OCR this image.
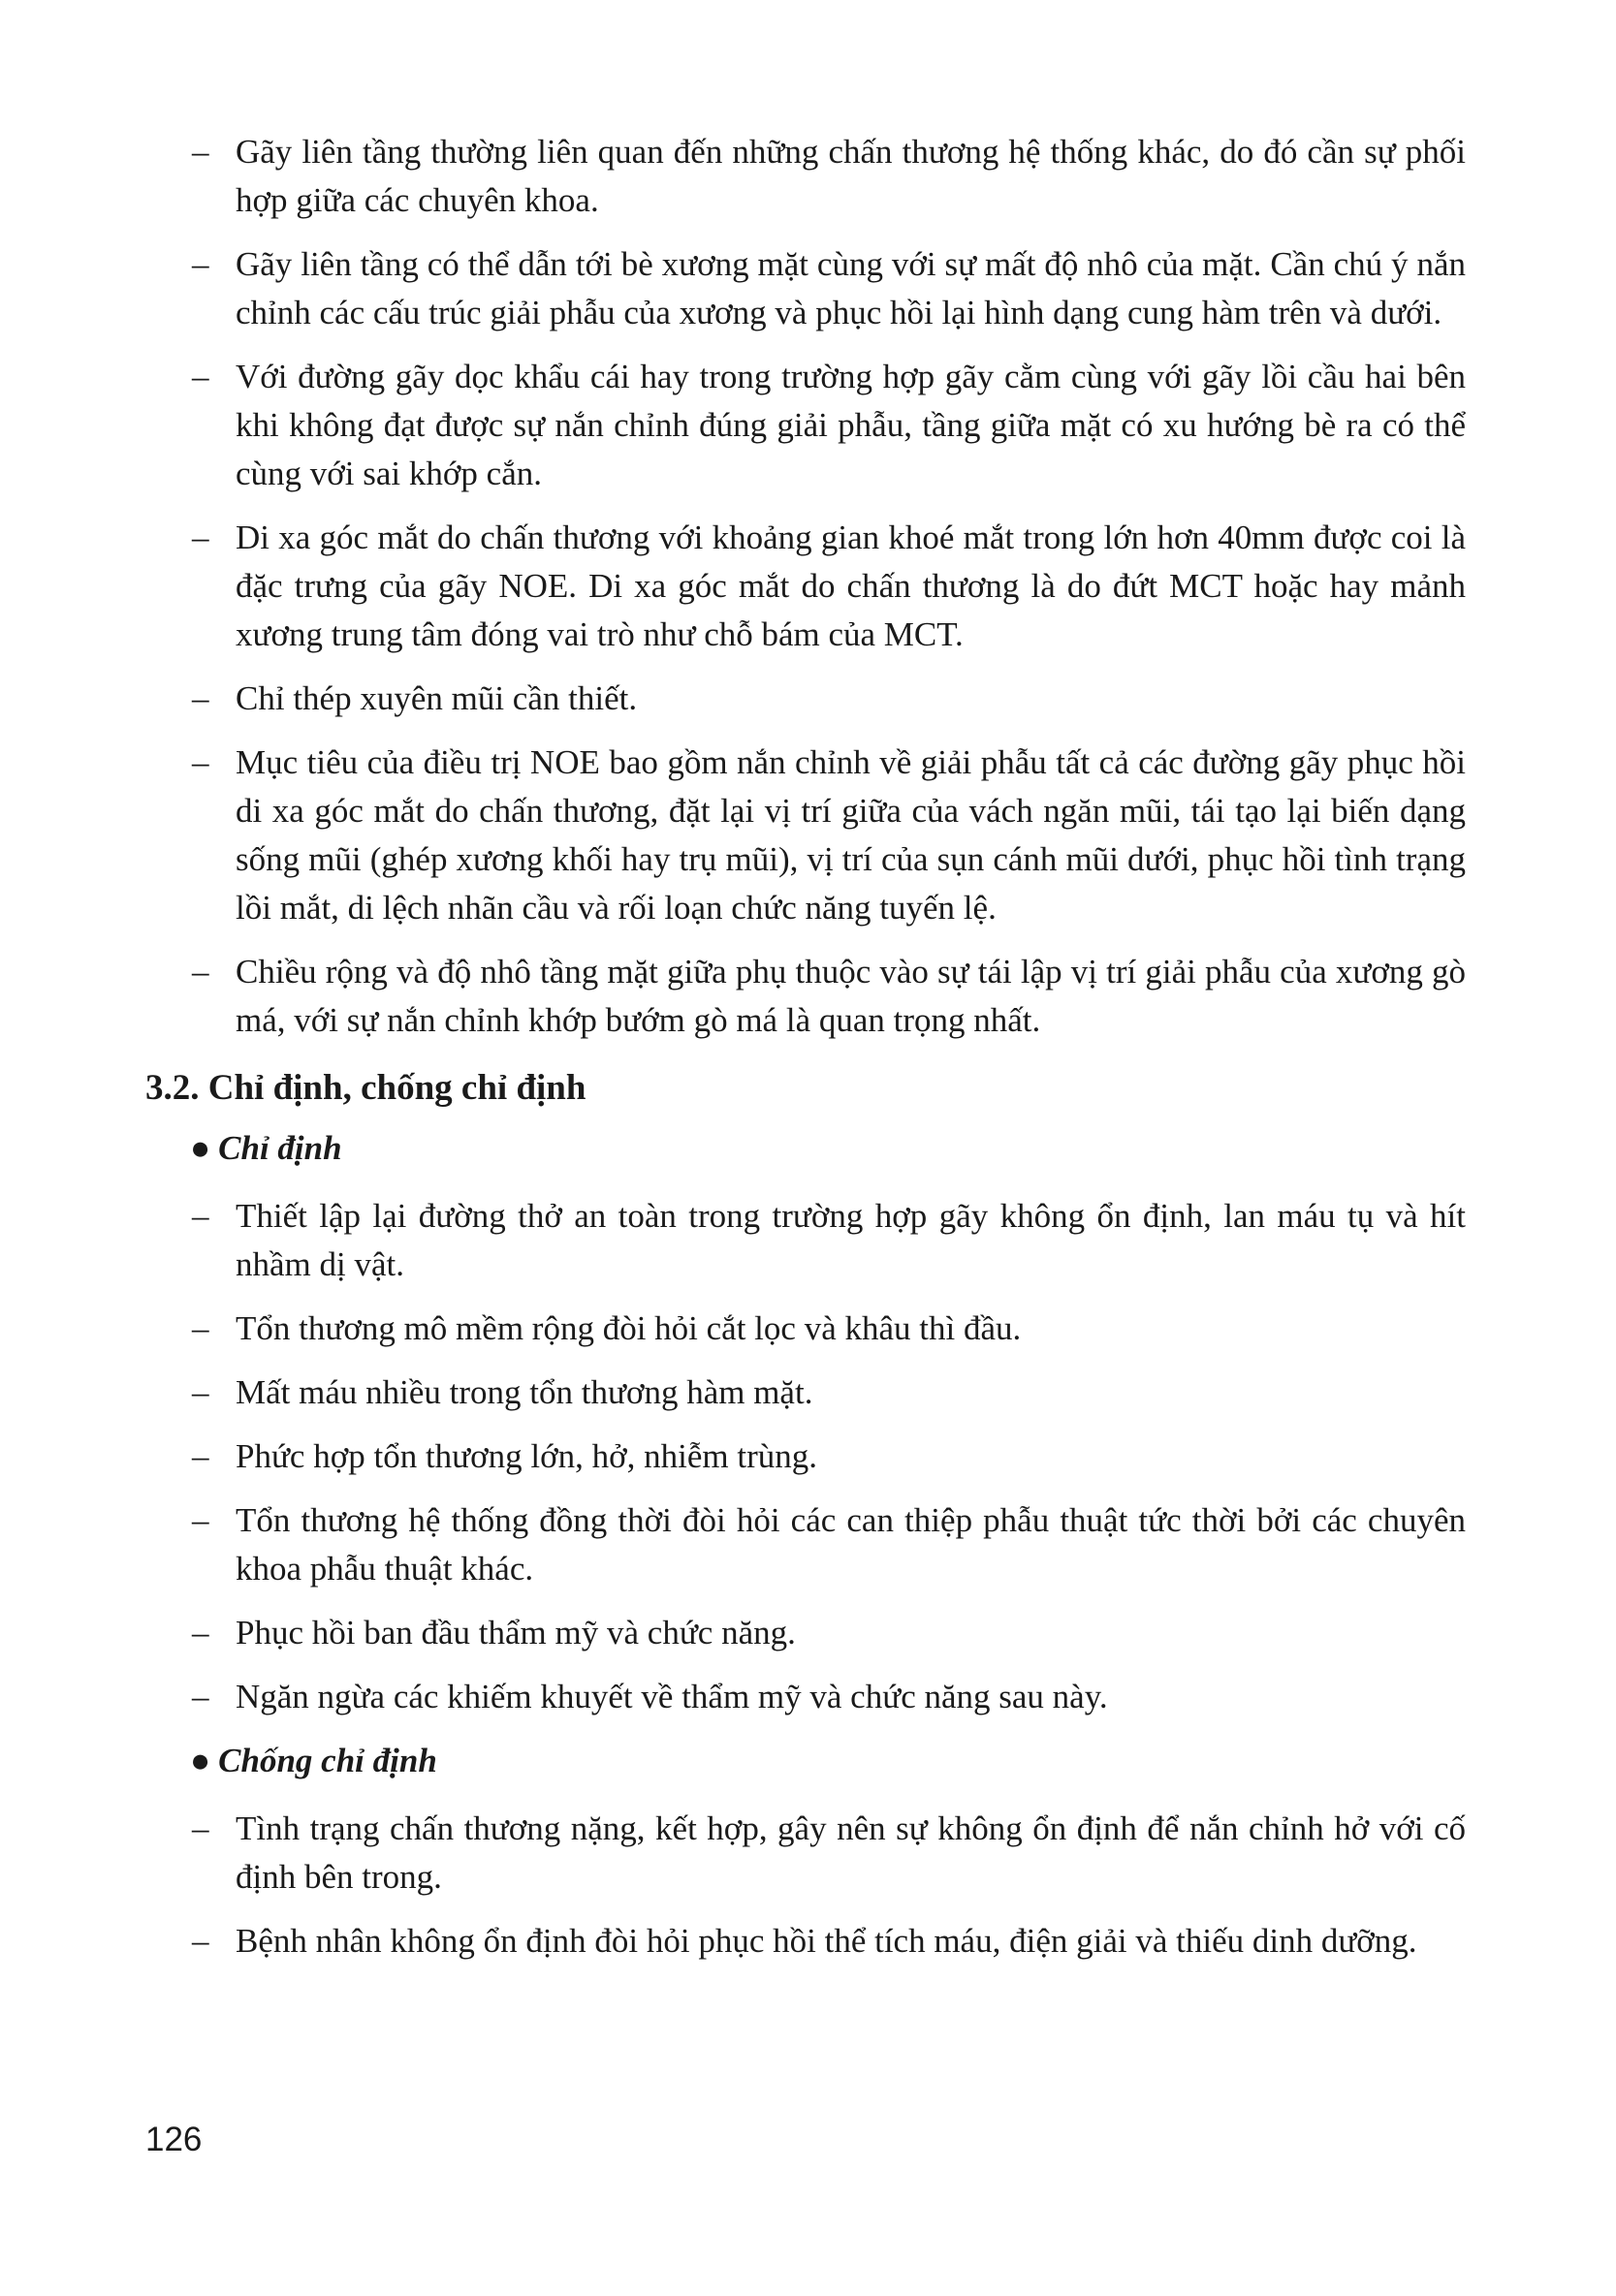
– Gãy liên tầng thường liên quan đến những chấn thương hệ thống khác, do đó cần sự phối hợp giữa các chuyên khoa.
– Gãy liên tầng có thể dẫn tới bè xương mặt cùng với sự mất độ nhô của mặt. Cần chú ý nắn chỉnh các cấu trúc giải phẫu của xương và phục hồi lại hình dạng cung hàm trên và dưới.
– Với đường gãy dọc khẩu cái hay trong trường hợp gãy cằm cùng với gãy lồi cầu hai bên khi không đạt được sự nắn chỉnh đúng giải phẫu, tầng giữa mặt có xu hướng bè ra có thể cùng với sai khớp cắn.
– Di xa góc mắt do chấn thương với khoảng gian khoé mắt trong lớn hơn 40mm được coi là đặc trưng của gãy NOE. Di xa góc mắt do chấn thương là do đứt MCT hoặc hay mảnh xương trung tâm đóng vai trò như chỗ bám của MCT.
– Chỉ thép xuyên mũi cần thiết.
– Mục tiêu của điều trị NOE bao gồm nắn chỉnh về giải phẫu tất cả các đường gãy phục hồi di xa góc mắt do chấn thương, đặt lại vị trí giữa của vách ngăn mũi, tái tạo lại biến dạng sống mũi (ghép xương khối hay trụ mũi), vị trí của sụn cánh mũi dưới, phục hồi tình trạng lồi mắt, di lệch nhãn cầu và rối loạn chức năng tuyến lệ.
– Chiều rộng và độ nhô tầng mặt giữa phụ thuộc vào sự tái lập vị trí giải phẫu của xương gò má, với sự nắn chỉnh khớp bướm gò má là quan trọng nhất.
3.2. Chỉ định, chống chỉ định
● Chỉ định
– Thiết lập lại đường thở an toàn trong trường hợp gãy không ổn định, lan máu tụ và hít nhầm dị vật.
– Tổn thương mô mềm rộng đòi hỏi cắt lọc và khâu thì đầu.
– Mất máu nhiều trong tổn thương hàm mặt.
– Phức hợp tổn thương lớn, hở, nhiễm trùng.
– Tổn thương hệ thống đồng thời đòi hỏi các can thiệp phẫu thuật tức thời bởi các chuyên khoa phẫu thuật khác.
– Phục hồi ban đầu thẩm mỹ và chức năng.
– Ngăn ngừa các khiếm khuyết về thẩm mỹ và chức năng sau này.
● Chống chỉ định
– Tình trạng chấn thương nặng, kết hợp, gây nên sự không ổn định để nắn chỉnh hở với cố định bên trong.
– Bệnh nhân không ổn định đòi hỏi phục hồi thể tích máu, điện giải và thiếu dinh dưỡng.
126
